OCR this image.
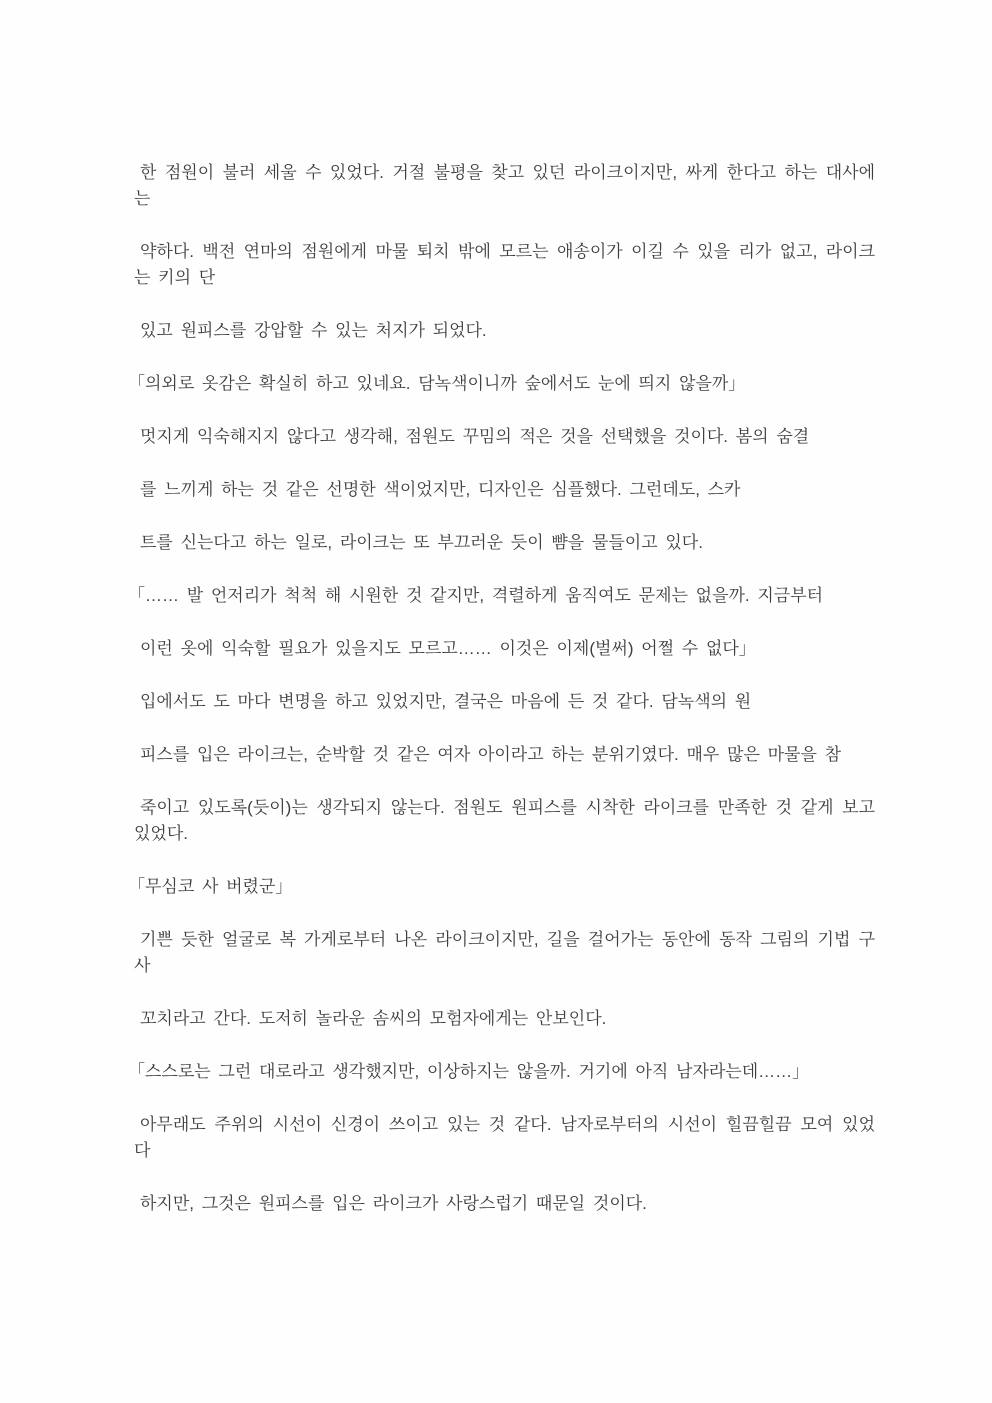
한 점원이 불러 세울 수 있었다. 거절 불평을 찾고 있던 라이크이지만, 싸게 한다고 하는 대사에는

약하다. 백전 연마의 점원에게 마물 퇴치 밖에 모르는 애송이가 이길 수 있을 리가 없고, 라이크는 키의 단

있고 원피스를 강압할 수 있는 처지가 되었다.

「의외로 옷감은 확실히 하고 있네요. 담녹색이니까 숲에서도 눈에 띄지 않을까」

멋지게 익숙해지지 않다고 생각해, 점원도 꾸밈의 적은 것을 선택했을 것이다. 봄의 숨결

를 느끼게 하는 것 같은 선명한 색이었지만, 디자인은 심플했다. 그런데도, 스카

트를 신는다고 하는 일로, 라이크는 또 부끄러운 듯이 뺨을 물들이고 있다.

「…… 발 언저리가 척척 해 시원한 것 같지만, 격렬하게 움직여도 문제는 없을까. 지금부터

이런 옷에 익숙할 필요가 있을지도 모르고…… 이것은 이제(벌써) 어쩔 수 없다」

입에서도 도 마다 변명을 하고 있었지만, 결국은 마음에 든 것 같다. 담녹색의 원

피스를 입은 라이크는, 순박할 것 같은 여자 아이라고 하는 분위기였다. 매우 많은 마물을 참

죽이고 있도록(듯이)는 생각되지 않는다. 점원도 원피스를 시착한 라이크를 만족한 것 같게 보고 있었다.

「무심코 사 버렸군」

기쁜 듯한 얼굴로 복 가게로부터 나온 라이크이지만, 길을 걸어가는 동안에 동작 그림의 기법 구사

꼬치라고 간다. 도저히 놀라운 솜씨의 모험자에게는 안보인다.

「스스로는 그런 대로라고 생각했지만, 이상하지는 않을까. 거기에 아직 남자라는데……」

아무래도 주위의 시선이 신경이 쓰이고 있는 것 같다. 남자로부터의 시선이 힐끔힐끔 모여 있었다

하지만, 그것은 원피스를 입은 라이크가 사랑스럽기 때문일 것이다.
